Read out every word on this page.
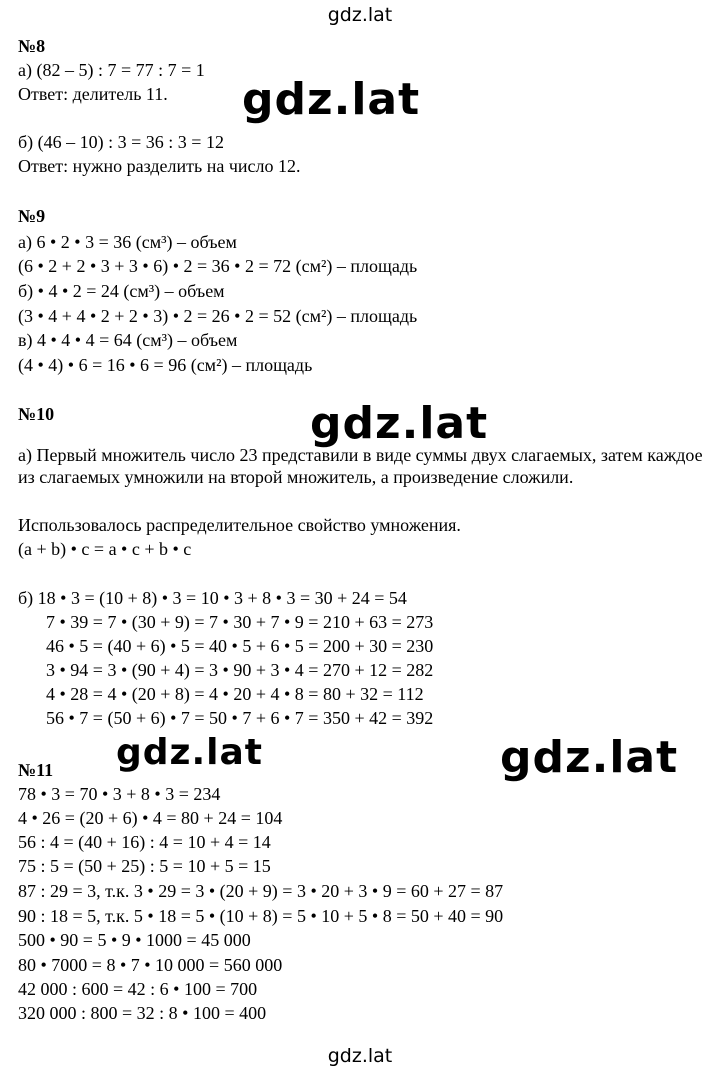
gdz.lat
№8
а) (82 – 5) : 7 = 77 : 7 = 1
Ответ: делитель 11.
б) (46 – 10) : 3 = 36 : 3 = 12
Ответ: нужно разделить на число 12.
№9
а) 6 • 2 • 3 = 36 (см³) – объем
(6 • 2 + 2 • 3 + 3 • 6) • 2 = 36 • 2 = 72 (см²) – площадь
б) • 4 • 2 = 24 (см³) – объем
(3 • 4 + 4 • 2 + 2 • 3) • 2 = 26 • 2 = 52 (см²) – площадь
в) 4 • 4 • 4 = 64 (см³) – объем
(4 • 4) • 6 = 16 • 6 = 96 (см²) – площадь
№10
а) Первый множитель число 23 представили в виде суммы двух слагаемых, затем каждое из слагаемых умножили на второй множитель, а произведение сложили.
Использовалось распределительное свойство умножения.
(a + b) • c = a • c + b • c
б) 18 • 3 = (10 + 8) • 3 = 10 • 3 + 8 • 3 = 30 + 24 = 54
7 • 39 = 7 • (30 + 9) = 7 • 30 + 7 • 9 = 210 + 63 = 273
46 • 5 = (40 + 6) • 5 = 40 • 5 + 6 • 5 = 200 + 30 = 230
3 • 94 = 3 • (90 + 4) = 3 • 90 + 3 • 4 = 270 + 12 = 282
4 • 28 = 4 • (20 + 8) = 4 • 20 + 4 • 8 = 80 + 32 = 112
56 • 7 = (50 + 6) • 7 = 50 • 7 + 6 • 7 = 350 + 42 = 392
№11
78 • 3 = 70 • 3 + 8 • 3 = 234
4 • 26 = (20 + 6) • 4 = 80 + 24 = 104
56 : 4 = (40 + 16) : 4 = 10 + 4 = 14
75 : 5 = (50 + 25) : 5 = 10 + 5 = 15
87 : 29 = 3, т.к. 3 • 29 = 3 • (20 + 9) = 3 • 20 + 3 • 9 = 60 + 27 = 87
90 : 18 = 5, т.к. 5 • 18 = 5 • (10 + 8) = 5 • 10 + 5 • 8 = 50 + 40 = 90
500 • 90 = 5 • 9 • 1000 = 45 000
80 • 7000 = 8 • 7 • 10 000 = 560 000
42 000 : 600 = 42 : 6 • 100 = 700
320 000 : 800 = 32 : 8 • 100 = 400
gdz.lat
gdz.lat
gdz.lat	gdz.lat
gdz.lat
